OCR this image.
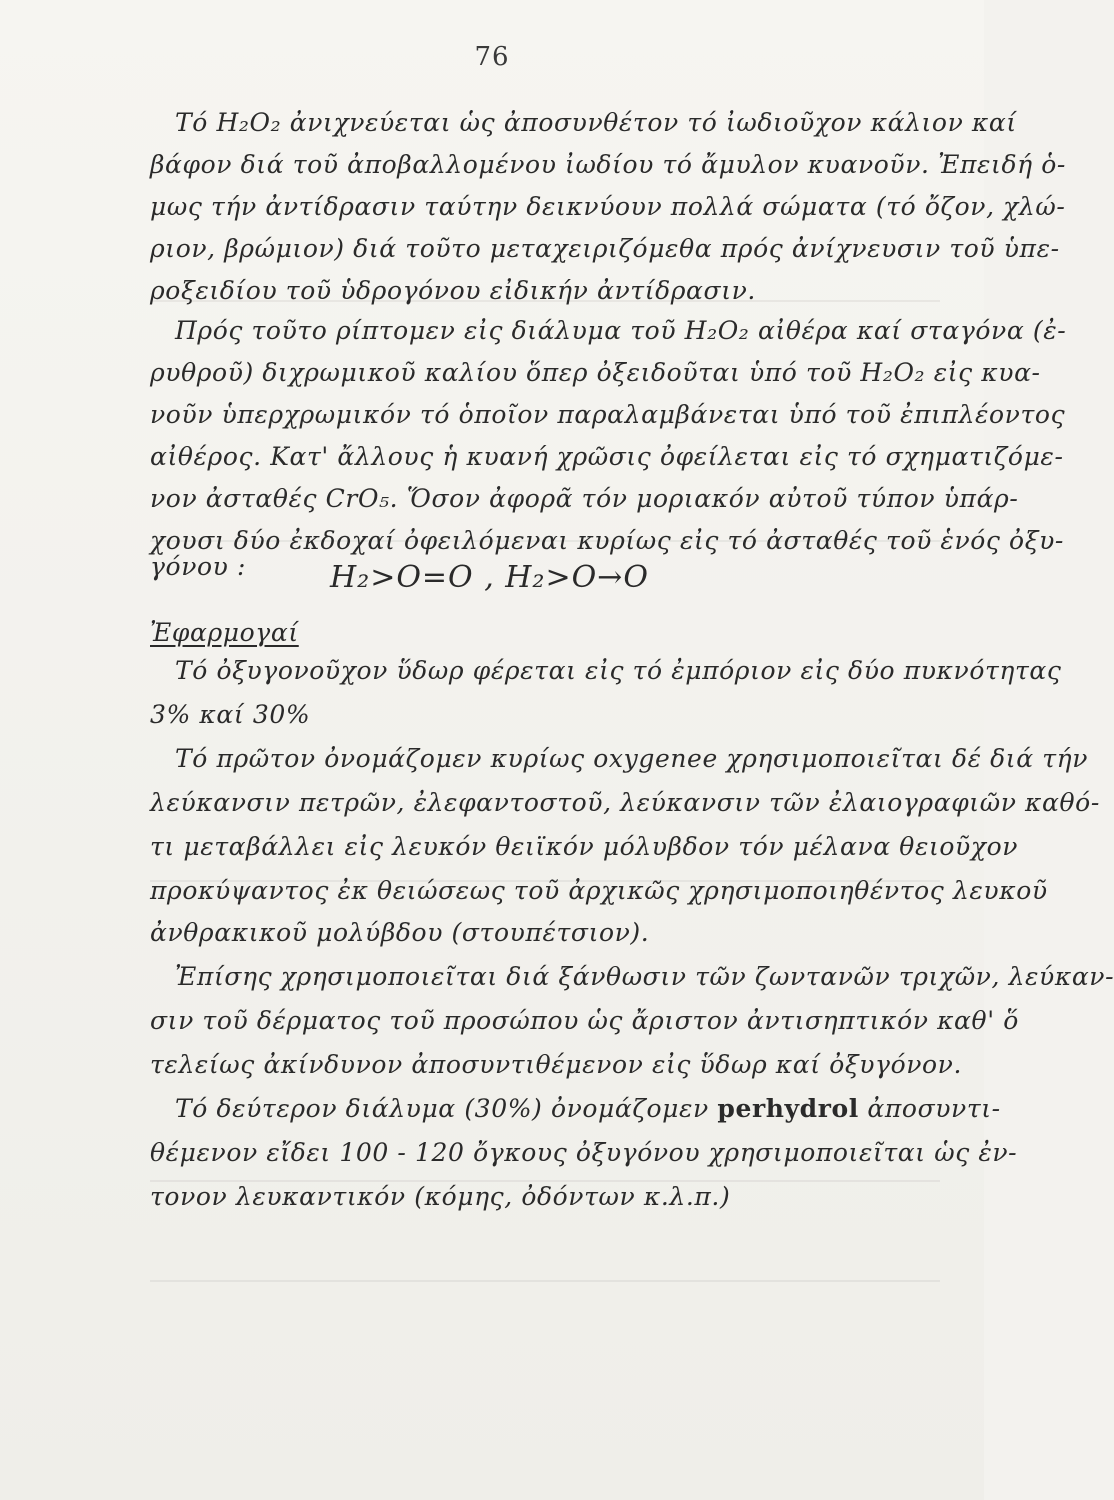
76
Τό H₂O₂ ἀνιχνεύεται ὡς ἀποσυνθέτον τό ἰωδιοῦχον κάλιον καί
βάφον διά τοῦ ἀποβαλλομένου ἰωδίου τό ἄμυλον κυανοῦν. Ἐπειδή ὁ-
μως τήν ἀντίδρασιν ταύτην δεικνύουν πολλά σώματα (τό ὄζον, χλώ-
ριον, βρώμιον) διά τοῦτο μεταχειριζόμεθα πρός ἀνίχνευσιν τοῦ ὑπε-
ροξειδίου τοῦ ὑδρογόνου εἰδικήν ἀντίδρασιν.
Πρός τοῦτο ρίπτομεν εἰς διάλυμα τοῦ H₂O₂ αἰθέρα καί σταγόνα (ἐ-
ρυθροῦ) διχρωμικοῦ καλίου ὅπερ ὀξειδοῦται ὑπό τοῦ H₂O₂ εἰς κυα-
νοῦν ὑπερχρωμικόν τό ὁποῖον παραλαμβάνεται ὑπό τοῦ ἐπιπλέοντος
αἰθέρος. Κατ' ἄλλους ἡ κυανή χρῶσις ὀφείλεται εἰς τό σχηματιζόμε-
νον ἀσταθές CrO₅. Ὅσον ἀφορᾶ τόν μοριακόν αὐτοῦ τύπον ὑπάρ-
χουσι δύο ἐκδοχαί ὀφειλόμεναι κυρίως εἰς τό ἀσταθές τοῦ ἑνός ὀξυ-
γόνου :	H₂>O=O , H₂>O→O
Ἐφαρμογαί
Τό ὀξυγονοῦχον ὕδωρ φέρεται εἰς τό ἐμπόριον εἰς δύο πυκνότητας
3% καί 30%
Τό πρῶτον ὀνομάζομεν κυρίως oxygenee χρησιμοποιεῖται δέ διά τήν
λεύκανσιν πετρῶν, ἐλεφαντοστοῦ, λεύκανσιν τῶν ἐλαιογραφιῶν καθό-
τι μεταβάλλει εἰς λευκόν θειϊκόν μόλυβδον τόν μέλανα θειοῦχον
προκύψαντος ἐκ θειώσεως τοῦ ἀρχικῶς χρησιμοποιηθέντος λευκοῦ
ἀνθρακικοῦ μολύβδου (στουπέτσιον).
Ἐπίσης χρησιμοποιεῖται διά ξάνθωσιν τῶν ζωντανῶν τριχῶν, λεύκαν-
σιν τοῦ δέρματος τοῦ προσώπου ὡς ἄριστον ἀντισηπτικόν καθ' ὅ
τελείως ἀκίνδυνον ἀποσυντιθέμενον εἰς ὕδωρ καί ὀξυγόνον.
Τό δεύτερον διάλυμα (30%) ὀνομάζομεν perhydrol ἀποσυντι-
θέμενον εἴδει 100 - 120 ὄγκους ὀξυγόνου χρησιμοποιεῖται ὡς ἐν-
τονον λευκαντικόν (κόμης, ὀδόντων κ.λ.π.)
